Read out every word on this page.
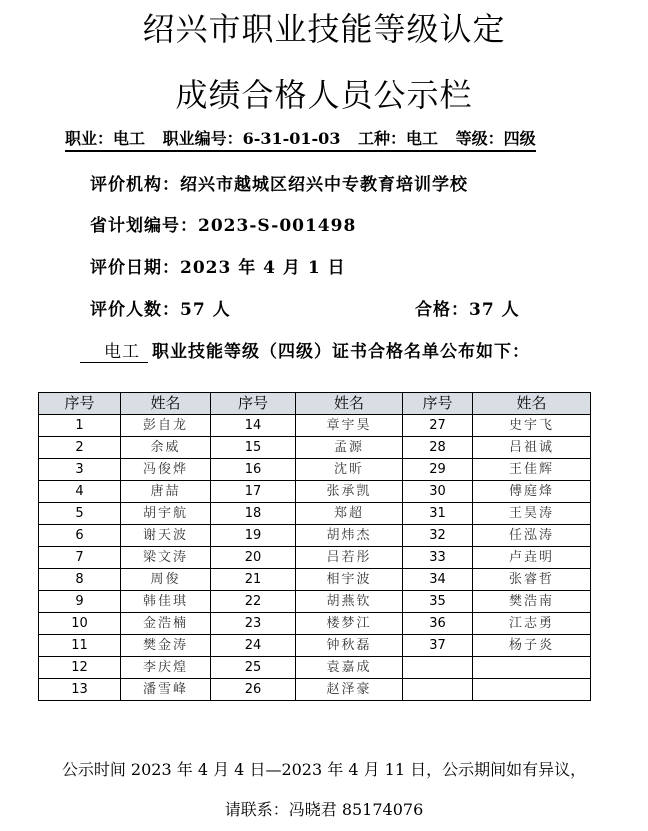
绍兴市职业技能等级认定
成绩合格人员公示栏
职业：电工 职业编号：6-31-01-03 工种：电工 等级：四级
评价机构：绍兴市越城区绍兴中专教育培训学校
省计划编号：2023-S-001498
评价日期：2023 年 4 月 1 日
评价人数：57 人	合格：37 人
电工 职业技能等级（四级）证书合格名单公布如下：
序号	姓名	序号	姓名	序号	姓名
1	彭自龙	14	章宇昊	27	史宇飞
2	余威	15	孟源	28	吕祖诚
3	冯俊烨	16	沈昕	29	王佳辉
4	唐喆	17	张承凯	30	傅庭烽
5	胡宇航	18	郑超	31	王昊涛
6	谢天波	19	胡炜杰	32	任泓涛
7	梁文涛	20	吕若彤	33	卢垚明
8	周俊	21	相宇波	34	张睿哲
9	韩佳琪	22	胡燕钦	35	樊浩南
10	金浩楠	23	楼梦江	36	江志勇
11	樊金涛	24	钟秋磊	37	杨子炎
12	李庆煌	25	袁嘉成		
13	潘雪峰	26	赵泽豪		
公示时间 2023 年 4 月 4 日—2023 年 4 月 11 日，公示期间如有异议，
请联系：冯晓君 85174076
